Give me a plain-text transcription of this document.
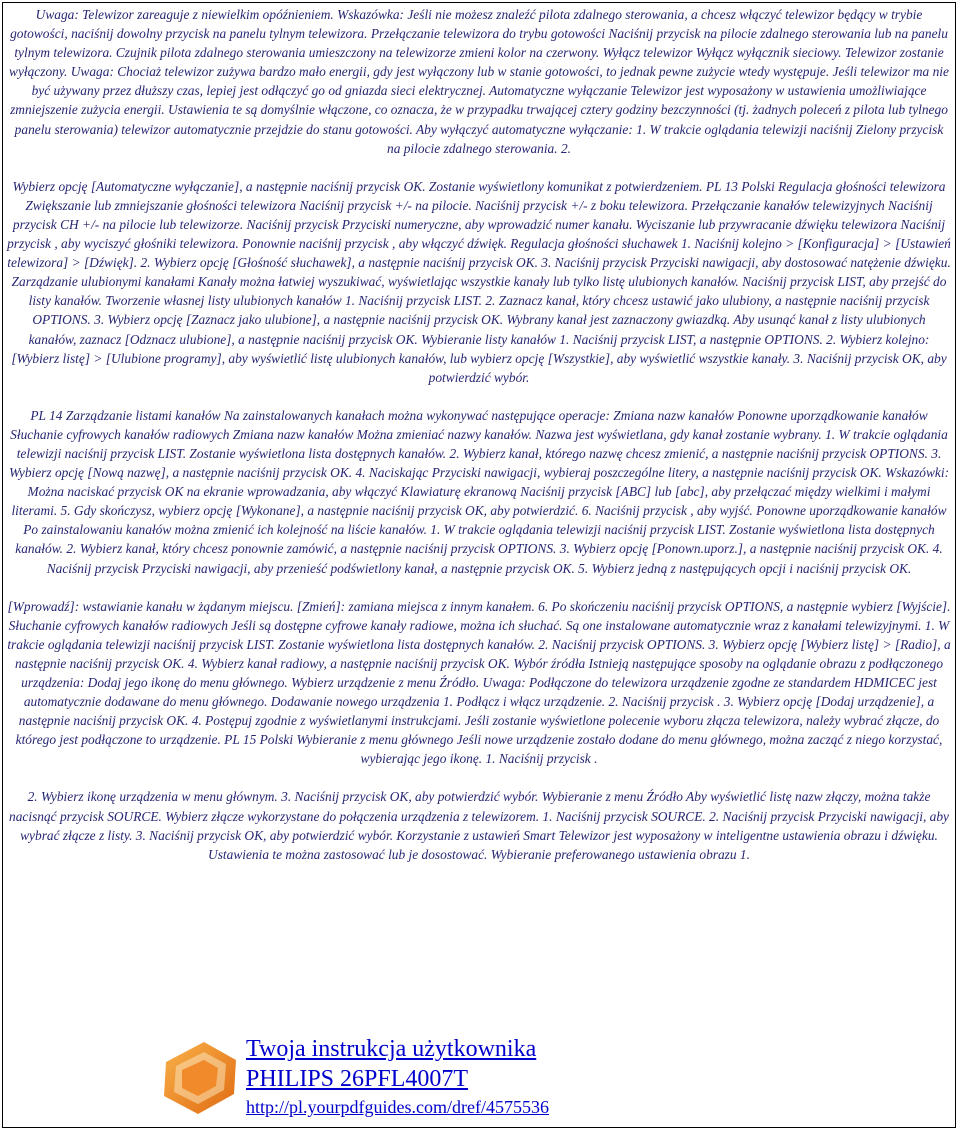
Uwaga: Telewizor zareaguje z niewielkim opóźnieniem. Wskazówka: Jeśli nie możesz znaleźć pilota zdalnego sterowania, a chcesz włączyć telewizor będący w trybie gotowości, naciśnij dowolny przycisk na panelu tylnym telewizora. Przełączanie telewizora do trybu gotowości Naciśnij przycisk na pilocie zdalnego sterowania lub na panelu tylnym telewizora. Czujnik pilota zdalnego sterowania umieszczony na telewizorze zmieni kolor na czerwony. Wyłącz telewizor Wyłącz wyłącznik sieciowy. Telewizor zostanie wyłączony. Uwaga: Chociaż telewizor zużywa bardzo mało energii, gdy jest wyłączony lub w stanie gotowości, to jednak pewne zużycie wtedy występuje. Jeśli telewizor ma nie być używany przez dłuższy czas, lepiej jest odłączyć go od gniazda sieci elektrycznej. Automatyczne wyłączanie Telewizor jest wyposażony w ustawienia umożliwiające zmniejszenie zużycia energii. Ustawienia te są domyślnie włączone, co oznacza, że w przypadku trwającej cztery godziny bezczynności (tj. żadnych poleceń z pilota lub tylnego panelu sterowania) telewizor automatycznie przejdzie do stanu gotowości. Aby wyłączyć automatyczne wyłączanie: 1. W trakcie oglądania telewizji naciśnij Zielony przycisk na pilocie zdalnego sterowania. 2.

Wybierz opcję [Automatyczne wyłączanie], a następnie naciśnij przycisk OK. Zostanie wyświetlony komunikat z potwierdzeniem. PL 13 Polski Regulacja głośności telewizora Zwiększanie lub zmniejszanie głośności telewizora Naciśnij przycisk +/- na pilocie. Naciśnij przycisk +/- z boku telewizora. Przełączanie kanałów telewizyjnych Naciśnij przycisk CH +/- na pilocie lub telewizorze. Naciśnij przycisk Przyciski numeryczne, aby wprowadzić numer kanału. Wyciszanie lub przywracanie dźwięku telewizora Naciśnij przycisk , aby wyciszyć głośniki telewizora. Ponownie naciśnij przycisk , aby włączyć dźwięk. Regulacja głośności słuchawek 1. Naciśnij kolejno > [Konfiguracja] > [Ustawień telewizora] > [Dźwięk]. 2. Wybierz opcję [Głośność słuchawek], a następnie naciśnij przycisk OK. 3. Naciśnij przycisk Przyciski nawigacji, aby dostosować natężenie dźwięku. Zarządzanie ulubionymi kanałami Kanały można łatwiej wyszukiwać, wyświetlając wszystkie kanały lub tylko listę ulubionych kanałów. Naciśnij przycisk LIST, aby przejść do listy kanałów. Tworzenie własnej listy ulubionych kanałów 1. Naciśnij przycisk LIST. 2. Zaznacz kanał, który chcesz ustawić jako ulubiony, a następnie naciśnij przycisk OPTIONS. 3. Wybierz opcję [Zaznacz jako ulubione], a następnie naciśnij przycisk OK. Wybrany kanał jest zaznaczony gwiazdką. Aby usunąć kanał z listy ulubionych kanałów, zaznacz [Odznacz ulubione], a następnie naciśnij przycisk OK. Wybieranie listy kanałów 1. Naciśnij przycisk LIST, a następnie OPTIONS. 2. Wybierz kolejno: [Wybierz listę] > [Ulubione programy], aby wyświetlić listę ulubionych kanałów, lub wybierz opcję [Wszystkie], aby wyświetlić wszystkie kanały. 3. Naciśnij przycisk OK, aby potwierdzić wybór.

PL 14 Zarządzanie listami kanałów Na zainstalowanych kanałach można wykonywać następujące operacje: Zmiana nazw kanałów Ponowne uporządkowanie kanałów Słuchanie cyfrowych kanałów radiowych Zmiana nazw kanałów Można zmieniać nazwy kanałów. Nazwa jest wyświetlana, gdy kanał zostanie wybrany. 1. W trakcie oglądania telewizji naciśnij przycisk LIST. Zostanie wyświetlona lista dostępnych kanałów. 2. Wybierz kanał, którego nazwę chcesz zmienić, a następnie naciśnij przycisk OPTIONS. 3. Wybierz opcję [Nową nazwę], a następnie naciśnij przycisk OK. 4. Naciskając Przyciski nawigacji, wybieraj poszczególne litery, a następnie naciśnij przycisk OK. Wskazówki: Można naciskać przycisk OK na ekranie wprowadzania, aby włączyć Klawiaturę ekranową Naciśnij przycisk [ABC] lub [abc], aby przełączać między wielkimi i małymi literami. 5. Gdy skończysz, wybierz opcję [Wykonane], a następnie naciśnij przycisk OK, aby potwierdzić. 6. Naciśnij przycisk , aby wyjść. Ponowne uporządkowanie kanałów Po zainstalowaniu kanałów można zmienić ich kolejność na liście kanałów. 1. W trakcie oglądania telewizji naciśnij przycisk LIST. Zostanie wyświetlona lista dostępnych kanałów. 2. Wybierz kanał, który chcesz ponownie zamówić, a następnie naciśnij przycisk OPTIONS. 3. Wybierz opcję [Ponown.uporz.], a następnie naciśnij przycisk OK. 4. Naciśnij przycisk Przyciski nawigacji, aby przenieść podświetlony kanał, a następnie przycisk OK. 5. Wybierz jedną z następujących opcji i naciśnij przycisk OK.

[Wprowadź]: wstawianie kanału w żądanym miejscu. [Zmień]: zamiana miejsca z innym kanałem. 6. Po skończeniu naciśnij przycisk OPTIONS, a następnie wybierz [Wyjście]. Słuchanie cyfrowych kanałów radiowych Jeśli są dostępne cyfrowe kanały radiowe, można ich słuchać. Są one instalowane automatycznie wraz z kanałami telewizyjnymi. 1. W trakcie oglądania telewizji naciśnij przycisk LIST. Zostanie wyświetlona lista dostępnych kanałów. 2. Naciśnij przycisk OPTIONS. 3. Wybierz opcję [Wybierz listę] > [Radio], a następnie naciśnij przycisk OK. 4. Wybierz kanał radiowy, a następnie naciśnij przycisk OK. Wybór źródła Istnieją następujące sposoby na oglądanie obrazu z podłączonego urządzenia: Dodaj jego ikonę do menu głównego. Wybierz urządzenie z menu Źródło. Uwaga: Podłączone do telewizora urządzenie zgodne ze standardem HDMICEC jest automatycznie dodawane do menu głównego. Dodawanie nowego urządzenia 1. Podłącz i włącz urządzenie. 2. Naciśnij przycisk . 3. Wybierz opcję [Dodaj urządzenie], a następnie naciśnij przycisk OK. 4. Postępuj zgodnie z wyświetlanymi instrukcjami. Jeśli zostanie wyświetlone polecenie wyboru złącza telewizora, należy wybrać złącze, do którego jest podłączone to urządzenie. PL 15 Polski Wybieranie z menu głównego Jeśli nowe urządzenie zostało dodane do menu głównego, można zacząć z niego korzystać, wybierając jego ikonę. 1. Naciśnij przycisk .

2. Wybierz ikonę urządzenia w menu głównym. 3. Naciśnij przycisk OK, aby potwierdzić wybór. Wybieranie z menu Źródło Aby wyświetlić listę nazw złączy, można także nacisnąć przycisk SOURCE. Wybierz złącze wykorzystane do połączenia urządzenia z telewizorem. 1. Naciśnij przycisk SOURCE. 2. Naciśnij przycisk Przyciski nawigacji, aby wybrać złącze z listy. 3. Naciśnij przycisk OK, aby potwierdzić wybór. Korzystanie z ustawień Smart Telewizor jest wyposażony w inteligentne ustawienia obrazu i dźwięku. Ustawienia te można zastosować lub je dosostować. Wybieranie preferowanego ustawienia obrazu 1.

Twoja instrukcja użytkownika
PHILIPS 26PFL4007T
http://pl.yourpdfguides.com/dref/4575536
